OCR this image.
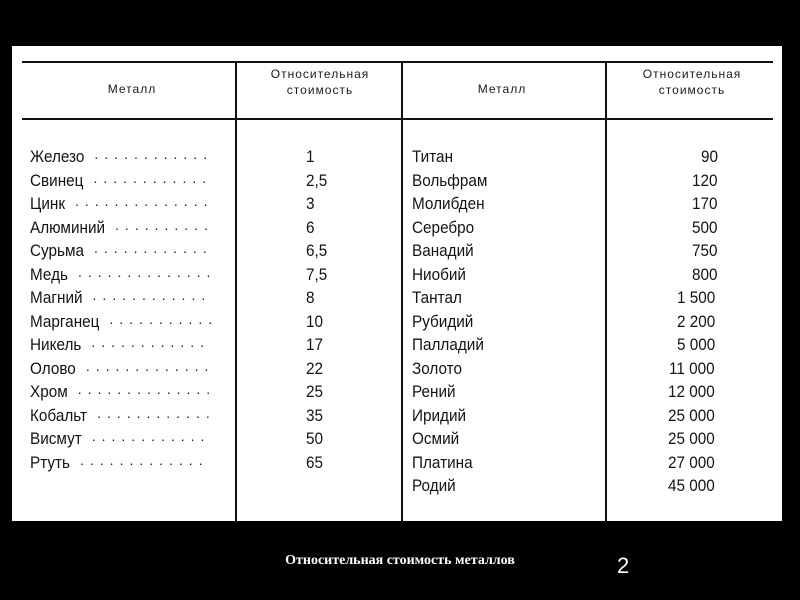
Металл
Относительная стоимость	Металл
Относительная стоимость
Железо
Свинец
Цинк
Алюминий
Сурьма
Медь
Магний
Марганец
Никель
Олово
Хром
Кобальт
Висмут
Ртуть
1
2,5
3
6
6,5
7,5
8
10
17
22
25
35
50
65
Титан
Вольфрам
Молибден
Серебро
Ванадий
Ниобий
Тантал
Рубидий
Палладий
Золото
Рений
Иридий
Осмий
Платина
Родий
90
120
170
500
750
800
1 500
2 200
5 000
11 000
12 000
25 000
25 000
27 000
45 000
............
............
..............
..........
............
..............
............
...........
............
.............
..............
............
............
.............
Относительная стоимость металлов	2
